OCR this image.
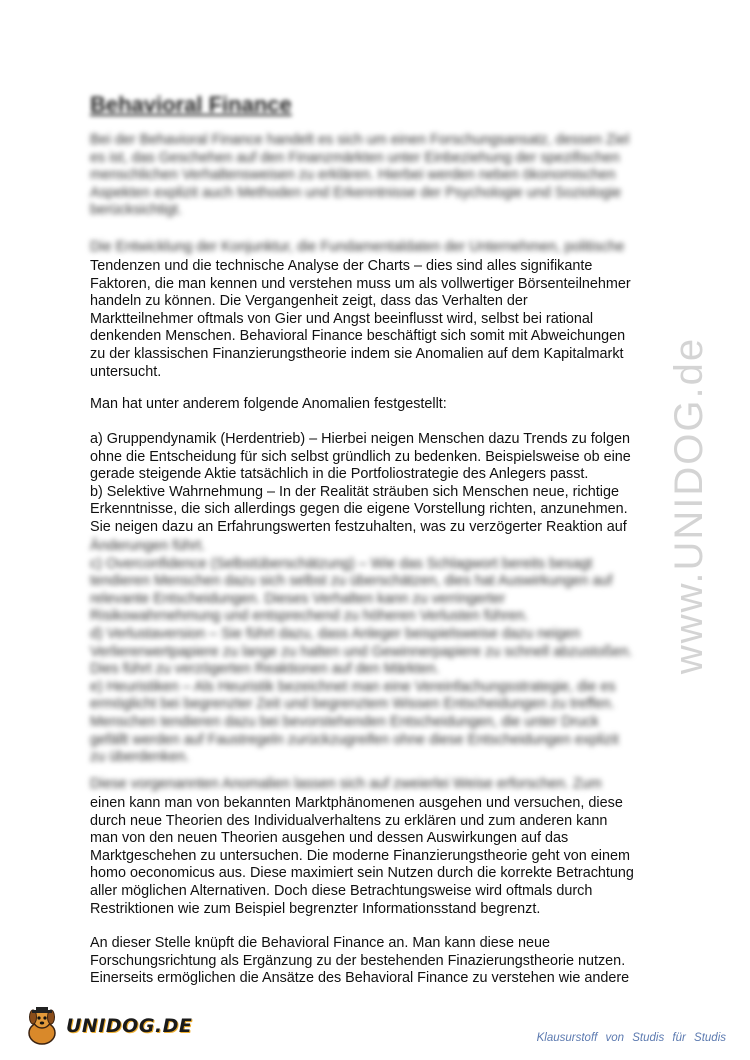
Behavioral Finance
Bei der Behavioral Finance handelt es sich um einen Forschungsansatz, dessen Ziel
es ist, das Geschehen auf den Finanzmärkten unter Einbeziehung der spezifischen
menschlichen Verhaltensweisen zu erklären. Hierbei werden neben ökonomischen
Aspekten explizit auch Methoden und Erkenntnisse der Psychologie und Soziologie
berücksichtigt.
Die Entwicklung der Konjunktur, die Fundamentaldaten der Unternehmen, politische
Tendenzen und die technische Analyse der Charts – dies sind alles signifikante
Faktoren, die man kennen und verstehen muss um als vollwertiger Börsenteilnehmer
handeln zu können. Die Vergangenheit zeigt, dass das Verhalten der
Marktteilnehmer oftmals von Gier und Angst beeinflusst wird, selbst bei rational
denkenden Menschen. Behavioral Finance beschäftigt sich somit mit Abweichungen
zu der klassischen Finanzierungstheorie indem sie Anomalien auf dem Kapitalmarkt
untersucht.
Man hat unter anderem folgende Anomalien festgestellt:
a) Gruppendynamik (Herdentrieb) – Hierbei neigen Menschen dazu Trends zu folgen
ohne die Entscheidung für sich selbst gründlich zu bedenken. Beispielsweise ob eine
gerade steigende Aktie tatsächlich in die Portfoliostrategie des Anlegers passt.
b) Selektive Wahrnehmung – In der Realität sträuben sich Menschen neue, richtige
Erkenntnisse, die sich allerdings gegen die eigene Vorstellung richten, anzunehmen.
Sie neigen dazu an Erfahrungswerten festzuhalten, was zu verzögerter Reaktion auf
Änderungen führt.
c) Overconfidence (Selbstüberschätzung) – Wie das Schlagwort bereits besagt
tendieren Menschen dazu sich selbst zu überschätzen, dies hat Auswirkungen auf
relevante Entscheidungen. Dieses Verhalten kann zu verringerter
Risikowahrnehmung und entsprechend zu höheren Verlusten führen.
d) Verlustaversion – Sie führt dazu, dass Anleger beispielsweise dazu neigen
Verliererwertpapiere zu lange zu halten und Gewinnerpapiere zu schnell abzustoßen.
Dies führt zu verzögerten Reaktionen auf den Märkten.
e) Heuristiken – Als Heuristik bezeichnet man eine Vereinfachungsstrategie, die es
ermöglicht bei begrenzter Zeit und begrenztem Wissen Entscheidungen zu treffen.
Menschen tendieren dazu bei bevorstehenden Entscheidungen, die unter Druck
gefällt werden auf Faustregeln zurückzugreifen ohne diese Entscheidungen explizit
zu überdenken.
Diese vorgenannten Anomalien lassen sich auf zweierlei Weise erforschen. Zum
einen kann man von bekannten Marktphänomenen ausgehen und versuchen, diese
durch neue Theorien des Individualverhaltens zu erklären und zum anderen kann
man von den neuen Theorien ausgehen und dessen Auswirkungen auf das
Marktgeschehen zu untersuchen. Die moderne Finanzierungstheorie geht von einem
homo oeconomicus aus. Diese maximiert sein Nutzen durch die korrekte Betrachtung
aller möglichen Alternativen. Doch diese Betrachtungsweise wird oftmals durch
Restriktionen wie zum Beispiel begrenzter Informationsstand begrenzt.
An dieser Stelle knüpft die Behavioral Finance an. Man kann diese neue
Forschungsrichtung als Ergänzung zu der bestehenden Finazierungstheorie nutzen.
Einerseits ermöglichen die Ansätze des Behavioral Finance zu verstehen wie andere
www.UNIDOG.de
UNIDOG.DE
Klausurstoff von Studis für Studis
